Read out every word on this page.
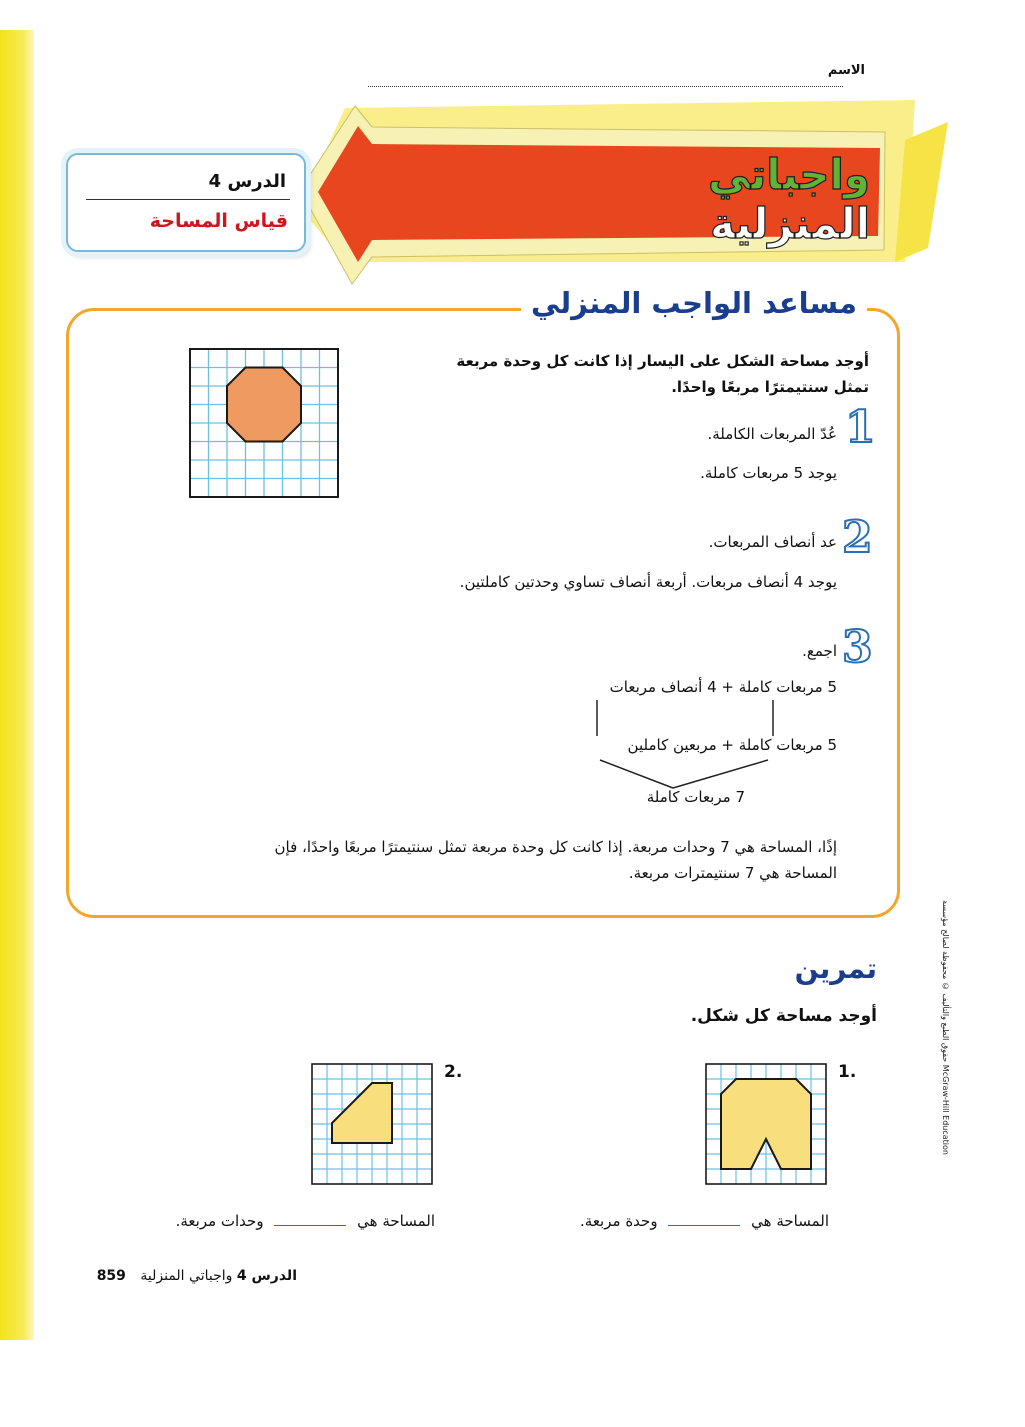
الاسم
واجباتي المنزلية
الدرس 4
قياس المساحة
مساعد الواجب المنزلي
أوجد مساحة الشكل على اليسار إذا كانت كل وحدة مربعة تمثل سنتيمترًا مربعًا واحدًا.
1
عُدّ المربعات الكاملة.
يوجد 5 مربعات كاملة.
2
عد أنصاف المربعات.
يوجد 4 أنصاف مربعات. أربعة أنصاف تساوي وحدتين كاملتين.
3
اجمع.
5 مربعات كاملة + 4 أنصاف مربعات
5 مربعات كاملة + مربعين كاملين
7 مربعات كاملة
إذًا، المساحة هي 7 وحدات مربعة. إذا كانت كل وحدة مربعة تمثل سنتيمترًا مربعًا واحدًا، فإن
المساحة هي 7 سنتيمترات مربعة.
تمرين
أوجد مساحة كل شكل.
1.
المساحة هي  وحدة مربعة.
2.
المساحة هي  وحدات مربعة.
حقوق الطبع والتأليف © محفوظة لصالح مؤسسة McGraw-Hill Education
الدرس 4 واجباتي المنزلية 859
